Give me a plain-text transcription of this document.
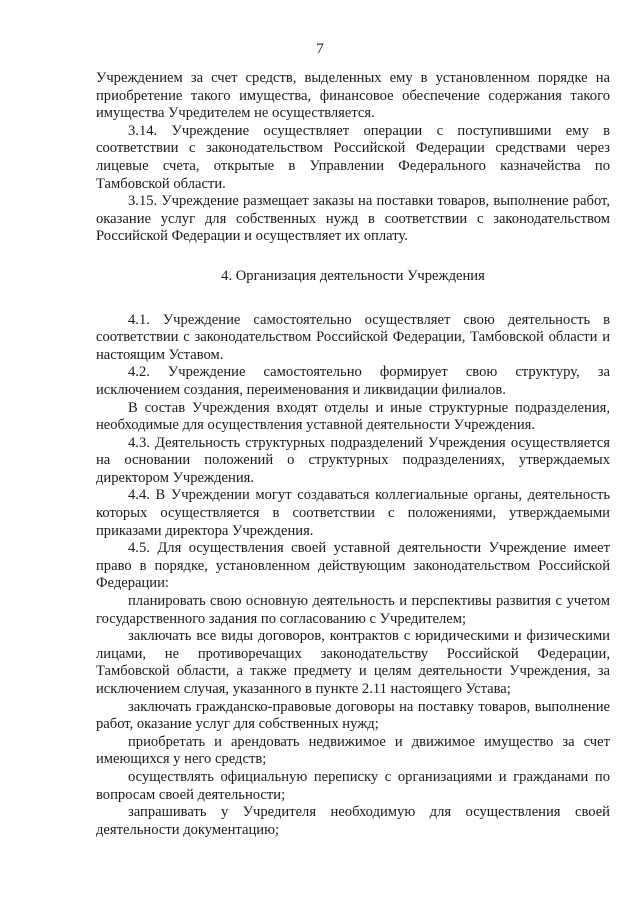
7

Учреждением за счет средств, выделенных ему в установленном порядке на приобретение такого имущества, финансовое обеспечение содержания такого имущества Учредителем не осуществляется.

3.14. Учреждение осуществляет операции с поступившими ему в соответствии с законодательством Российской Федерации средствами через лицевые счета, открытые в Управлении Федерального казначейства по Тамбовской области.

3.15. Учреждение размещает заказы на поставки товаров, выполнение работ, оказание услуг для собственных нужд в соответствии с законодательством Российской Федерации и осуществляет их оплату.

4. Организация деятельности Учреждения

4.1. Учреждение самостоятельно осуществляет свою деятельность в соответствии с законодательством Российской Федерации, Тамбовской области и настоящим Уставом.

4.2. Учреждение самостоятельно формирует свою структуру, за исключением создания, переименования и ликвидации филиалов.

В состав Учреждения входят отделы и иные структурные подразделения, необходимые для осуществления уставной деятельности Учреждения.

4.3. Деятельность структурных подразделений Учреждения осуществляется на основании положений о структурных подразделениях, утверждаемых директором Учреждения.

4.4. В Учреждении могут создаваться коллегиальные органы, деятельность которых осуществляется в соответствии с положениями, утверждаемыми приказами директора Учреждения.

4.5. Для осуществления своей уставной деятельности Учреждение имеет право в порядке, установленном действующим законодательством Российской Федерации:

планировать свою основную деятельность и перспективы развития с учетом государственного задания по согласованию с Учредителем;

заключать все виды договоров, контрактов с юридическими и физическими лицами, не противоречащих законодательству Российской Федерации, Тамбовской области, а также предмету и целям деятельности Учреждения, за исключением случая, указанного в пункте 2.11 настоящего Устава;

заключать гражданско-правовые договоры на поставку товаров, выполнение работ, оказание услуг для собственных нужд;

приобретать и арендовать недвижимое и движимое имущество за счет имеющихся у него средств;

осуществлять официальную переписку с организациями и гражданами по вопросам своей деятельности;

запрашивать у Учредителя необходимую для осуществления своей деятельности документацию;
